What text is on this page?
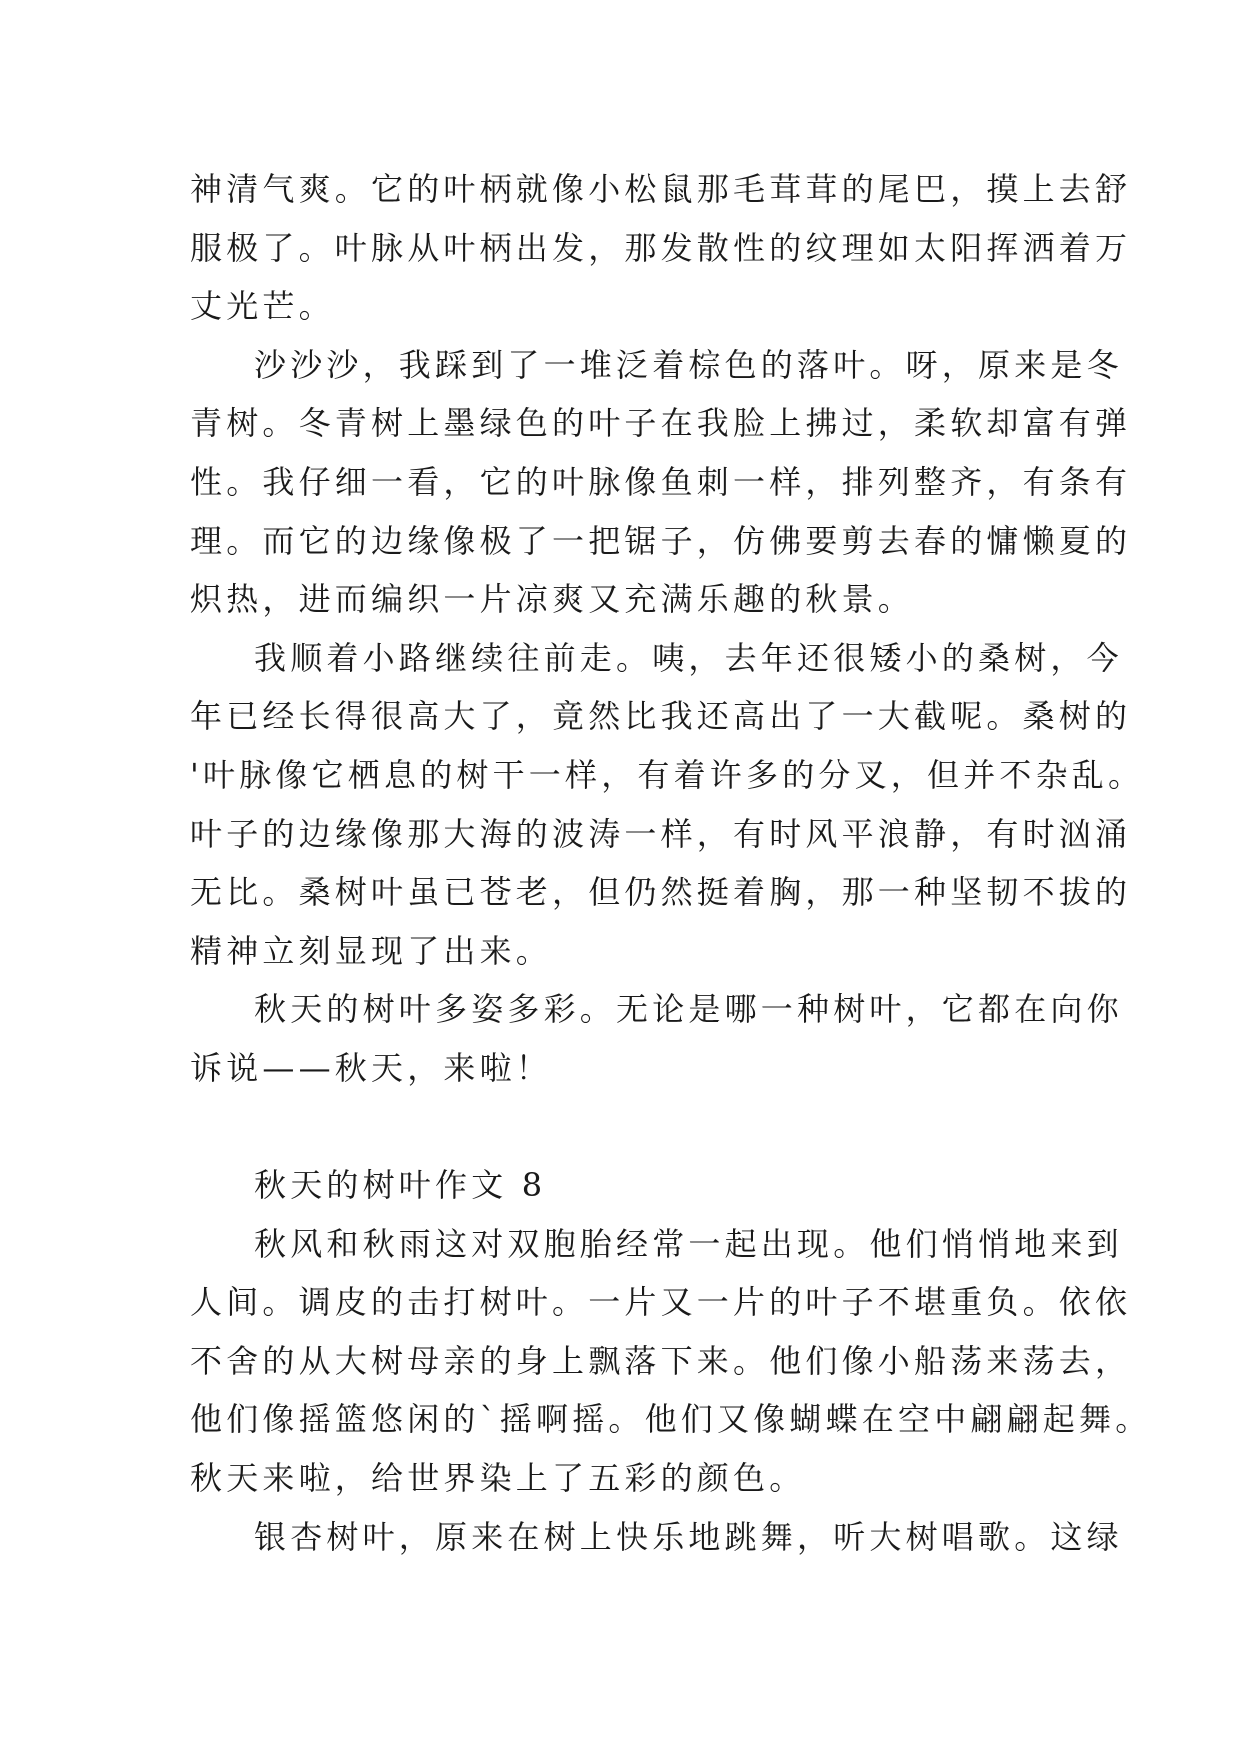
神清气爽。它的叶柄就像小松鼠那毛茸茸的尾巴，摸上去舒
服极了。叶脉从叶柄出发，那发散性的纹理如太阳挥洒着万
丈光芒。
沙沙沙，我踩到了一堆泛着棕色的落叶。呀，原来是冬
青树。冬青树上墨绿色的叶子在我脸上拂过，柔软却富有弹
性。我仔细一看，它的叶脉像鱼刺一样，排列整齐，有条有
理。而它的边缘像极了一把锯子，仿佛要剪去春的慵懒夏的
炽热，进而编织一片凉爽又充满乐趣的秋景。
我顺着小路继续往前走。咦，去年还很矮小的桑树，今
年已经长得很高大了，竟然比我还高出了一大截呢。桑树的
'叶脉像它栖息的树干一样，有着许多的分叉，但并不杂乱。
叶子的边缘像那大海的波涛一样，有时风平浪静，有时汹涌
无比。桑树叶虽已苍老，但仍然挺着胸，那一种坚韧不拔的
精神立刻显现了出来。
秋天的树叶多姿多彩。无论是哪一种树叶，它都在向你
诉说——秋天，来啦！
秋天的树叶作文 8
秋风和秋雨这对双胞胎经常一起出现。他们悄悄地来到
人间。调皮的击打树叶。一片又一片的叶子不堪重负。依依
不舍的从大树母亲的身上飘落下来。他们像小船荡来荡去，
他们像摇篮悠闲的`摇啊摇。他们又像蝴蝶在空中翩翩起舞。
秋天来啦，给世界染上了五彩的颜色。
银杏树叶，原来在树上快乐地跳舞，听大树唱歌。这绿
